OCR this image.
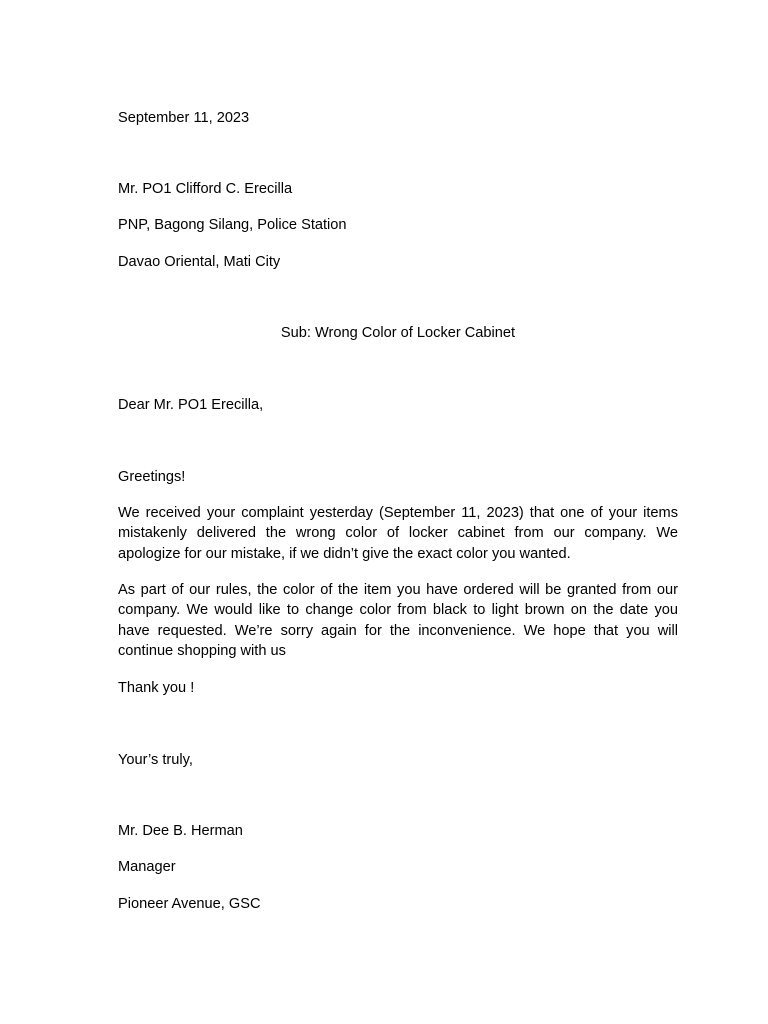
September 11, 2023
Mr. PO1 Clifford C. Erecilla
PNP, Bagong Silang, Police Station
Davao Oriental, Mati City
Sub: Wrong Color of Locker Cabinet
Dear Mr. PO1 Erecilla,
Greetings!
We received your complaint yesterday (September 11, 2023) that one of your items mistakenly delivered the wrong color of locker cabinet from our company. We apologize for our mistake, if we didn’t give the exact color you wanted.
As part of our rules, the color of the item you have ordered will be granted from our company. We would like to change color from black to light brown on the date you have requested. We’re sorry again for the inconvenience. We hope that you will continue shopping with us
Thank you !
Your’s truly,
Mr. Dee B. Herman
Manager
Pioneer Avenue, GSC
